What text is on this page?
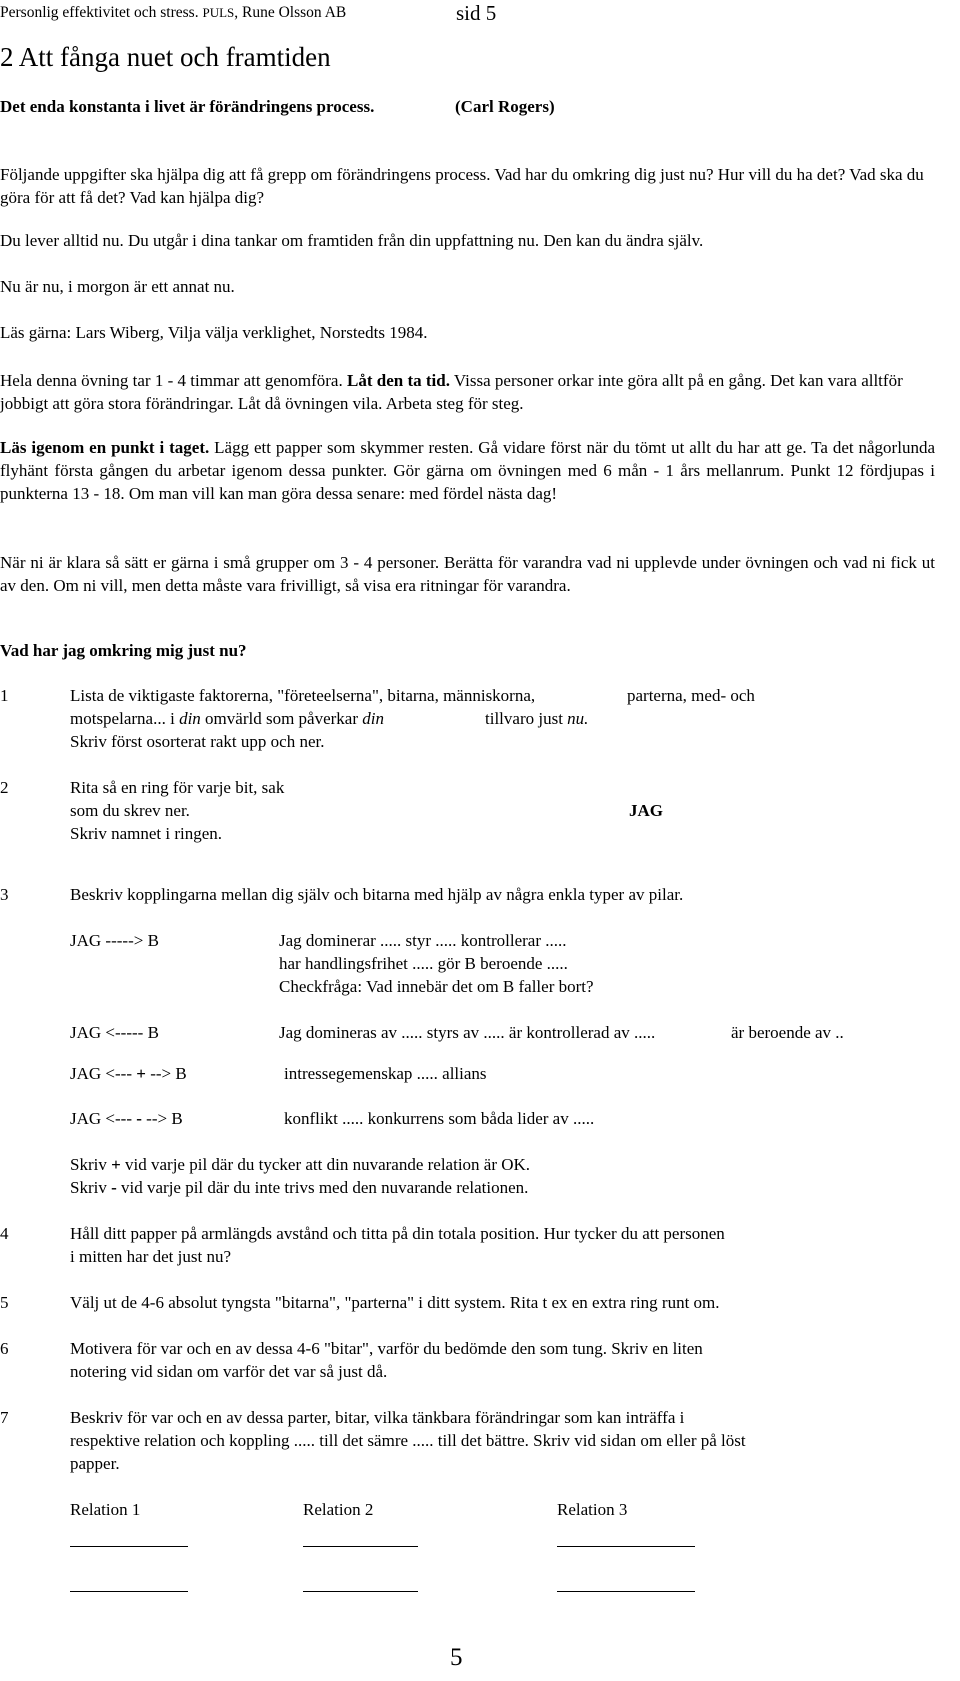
Personlig effektivitet och stress. PULS, Rune Olsson AB	sid 5
2 Att fånga nuet och framtiden
Det enda konstanta i livet är förändringens process.	(Carl Rogers)
Följande uppgifter ska hjälpa dig att få grepp om förändringens process. Vad har du omkring dig just nu? Hur vill du ha det? Vad ska du göra för att få det? Vad kan hjälpa dig?
Du lever alltid nu. Du utgår i dina tankar om framtiden från din uppfattning nu. Den kan du ändra själv.
Nu är nu, i morgon är ett annat nu.
Läs gärna: Lars Wiberg, Vilja välja verklighet, Norstedts 1984.
Hela denna övning tar 1 - 4 timmar att genomföra. Låt den ta tid. Vissa personer orkar inte göra allt på en gång. Det kan vara alltför jobbigt att göra stora förändringar. Låt då övningen vila. Arbeta steg för steg.
Läs igenom en punkt i taget. Lägg ett papper som skymmer resten. Gå vidare först när du tömt ut allt du har att ge. Ta det någorlunda flyhänt första gången du arbetar igenom dessa punkter. Gör gärna om övningen med 6 mån - 1 års mellanrum. Punkt 12 fördjupas i punkterna 13 - 18. Om man vill kan man göra dessa senare: med fördel nästa dag!
När ni är klara så sätt er gärna i små grupper om 3 - 4 personer. Berätta för varandra vad ni upplevde under övningen och vad ni fick ut av den. Om ni vill, men detta måste vara frivilligt, så visa era ritningar för varandra.
Vad har jag omkring mig just nu?
1	Lista de viktigaste faktorerna, "företeelserna", bitarna, människorna,	parterna, med- och
motspelarna... i din omvärld som påverkar din	tillvaro just nu.
Skriv först osorterat rakt upp och ner.
2	Rita så en ring för varje bit, sak
som du skrev ner.	JAG
Skriv namnet i ringen.
3	Beskriv kopplingarna mellan dig själv och bitarna med hjälp av några enkla typer av pilar.
JAG -----> B	Jag dominerar ..... styr ..... kontrollerar .....
har handlingsfrihet ..... gör B beroende .....
Checkfråga: Vad innebär det om B faller bort?
JAG <----- B	Jag domineras av ..... styrs av ..... är kontrollerad av .....	är beroende av ..
JAG <--- + --> B	intressegemenskap ..... allians
JAG <--- - --> B	konflikt ..... konkurrens som båda lider av .....
Skriv + vid varje pil där du tycker att din nuvarande relation är OK.
Skriv - vid varje pil där du inte trivs med den nuvarande relationen.
4	Håll ditt papper på armlängds avstånd och titta på din totala position. Hur tycker du att personen
i mitten har det just nu?
5	Välj ut de 4-6 absolut tyngsta "bitarna", "parterna" i ditt system. Rita t ex en extra ring runt om.
6	Motivera för var och en av dessa 4-6 "bitar", varför du bedömde den som tung. Skriv en liten
notering vid sidan om varför det var så just då.
7	Beskriv för var och en av dessa parter, bitar, vilka tänkbara förändringar som kan inträffa i
respektive relation och koppling ..... till det sämre ..... till det bättre. Skriv vid sidan om eller på löst
papper.
Relation 1	Relation 2	Relation 3
5
